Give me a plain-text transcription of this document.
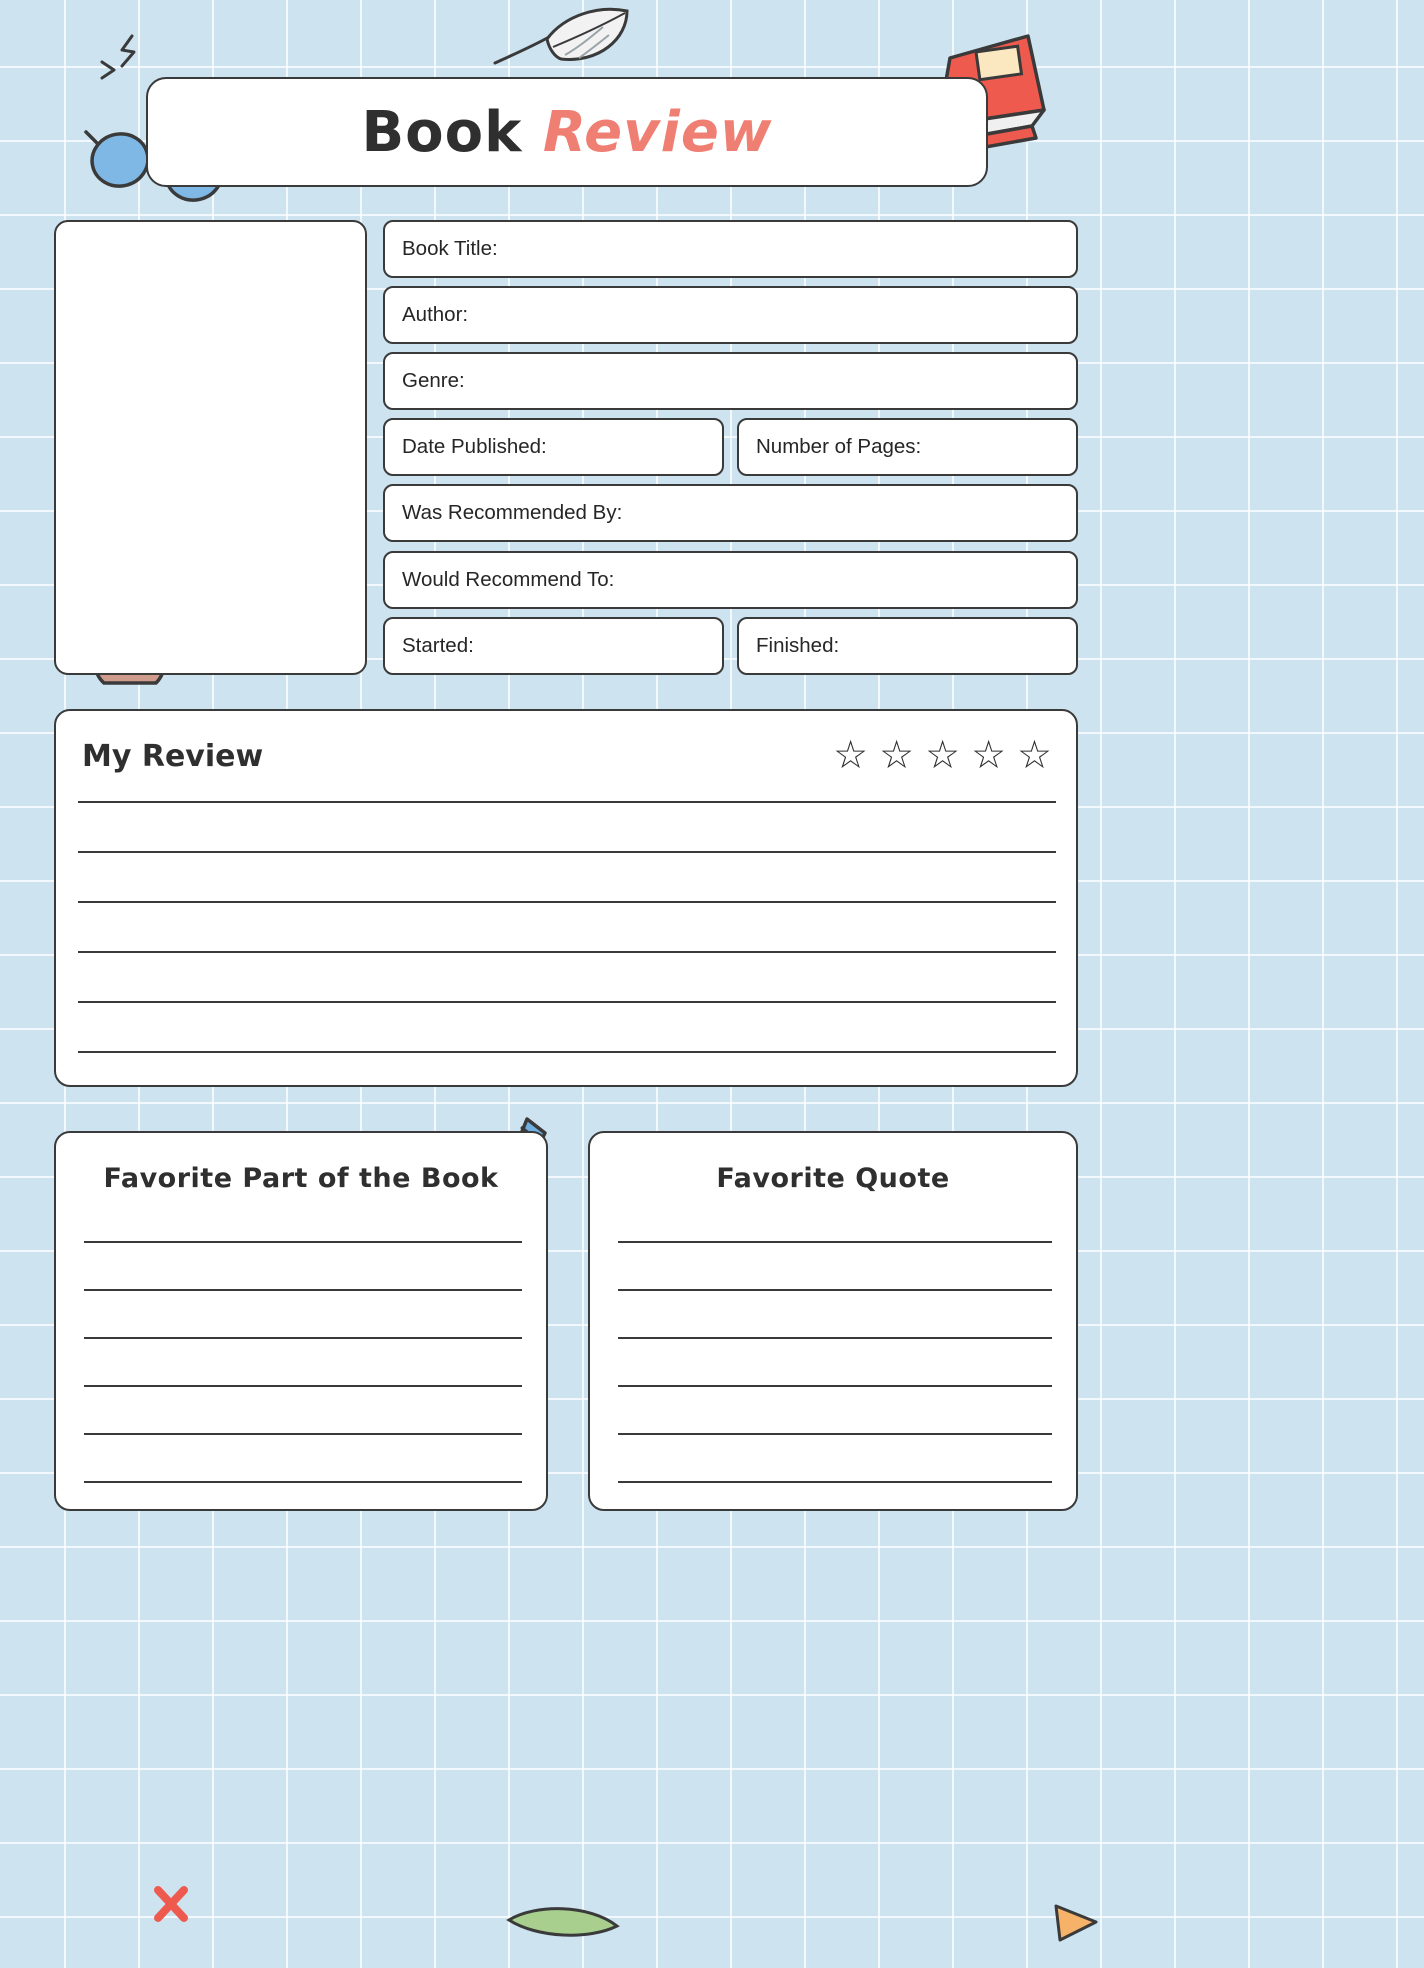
Book Review
Book Title:
Author:
Genre:
Date Published:	Number of Pages:
Was Recommended By:
Would Recommend To:
Started:	Finished:
My Review	☆ ☆ ☆ ☆ ☆
Favorite Part of the Book	Favorite Quote
